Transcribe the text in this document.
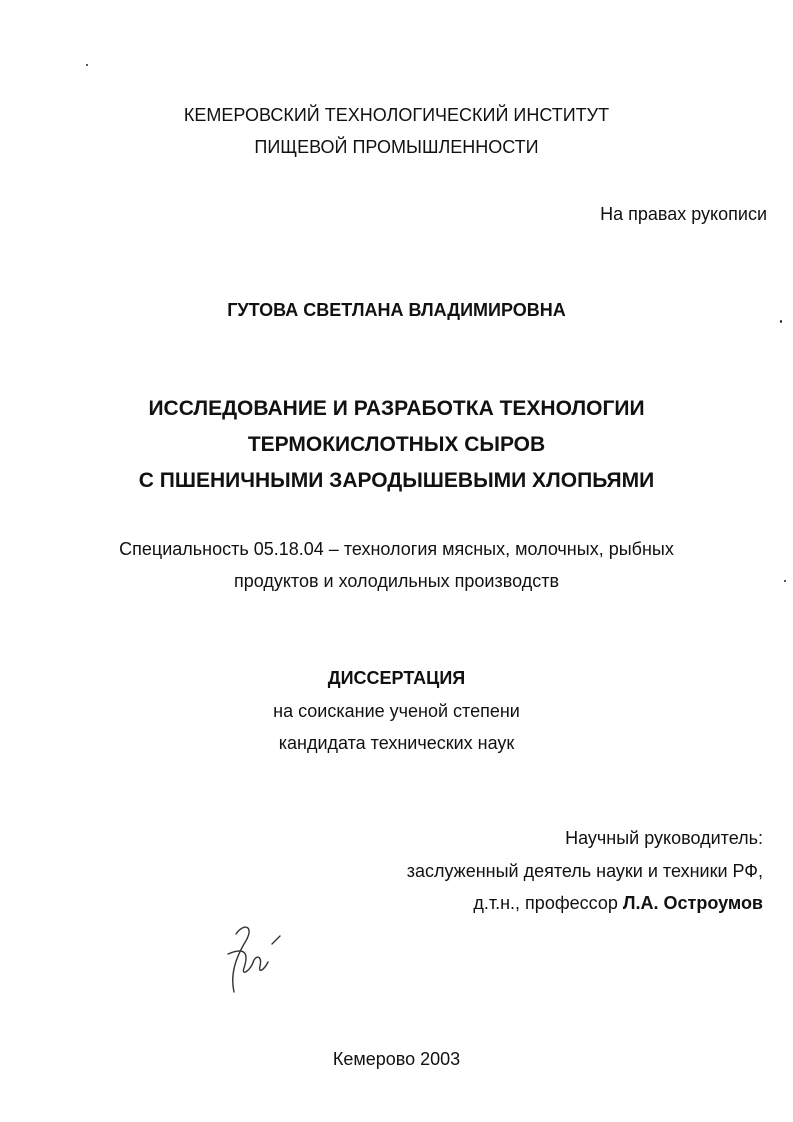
КЕМЕРОВСКИЙ ТЕХНОЛОГИЧЕСКИЙ ИНСТИТУТ
ПИЩЕВОЙ ПРОМЫШЛЕННОСТИ
На правах рукописи
ГУТОВА СВЕТЛАНА ВЛАДИМИРОВНА
ИССЛЕДОВАНИЕ И РАЗРАБОТКА ТЕХНОЛОГИИ
ТЕРМОКИСЛОТНЫХ СЫРОВ
С ПШЕНИЧНЫМИ ЗАРОДЫШЕВЫМИ ХЛОПЬЯМИ
Специальность 05.18.04 – технология мясных, молочных, рыбных
продуктов и холодильных производств
ДИССЕРТАЦИЯ
на соискание ученой степени
кандидата технических наук
Научный руководитель:
заслуженный деятель науки и техники РФ,
д.т.н., профессор Л.А. Остроумов
Кемерово 2003
